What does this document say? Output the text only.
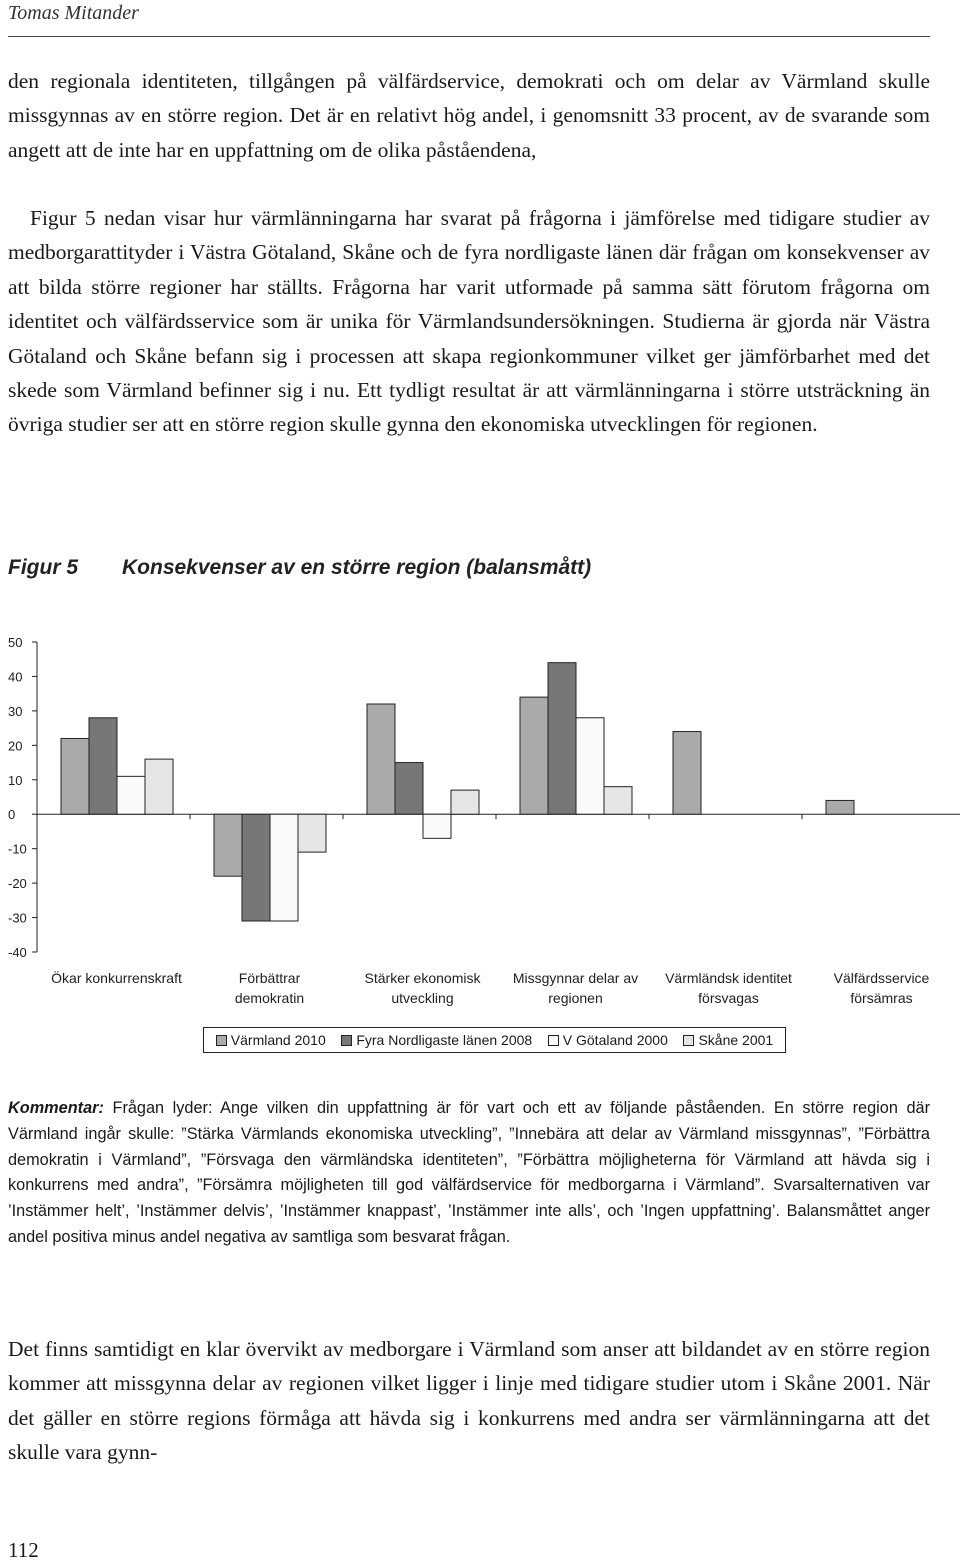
Tomas Mitander

den regionala identiteten, tillgången på välfärdservice, demokrati och om delar av Värmland skulle missgynnas av en större region. Det är en relativt hög andel, i genomsnitt 33 procent, av de svarande som angett att de inte har en uppfattning om de olika påståendena,

Figur 5 nedan visar hur värmlänningarna har svarat på frågorna i jämförelse med tidigare studier av medborgarattityder i Västra Götaland, Skåne och de fyra nordligaste länen där frågan om konsekvenser av att bilda större regioner har ställts. Frågorna har varit utformade på samma sätt förutom frågorna om identitet och välfärdsservice som är unika för Värmlandsundersökningen. Studierna är gjorda när Västra Götaland och Skåne befann sig i processen att skapa regionkommuner vilket ger jämförbarhet med det skede som Värmland befinner sig i nu. Ett tydligt resultat är att värmlänningarna i större utsträckning än övriga studier ser att en större region skulle gynna den ekonomiska utvecklingen för regionen.

Figur 5 Konsekvenser av en större region (balansmått)
50
40
30
20
10
0
-10
-20
-30
-40
Ökar konkurrenskraft	Förbättrar
demokratin
Stärker ekonomisk
utveckling
Missgynnar delar av
regionen
Värmländsk identitet
försvagas
Välfärdsservice
försämras
Värmland 2010 Fyra Nordligaste länen 2008 V Götaland 2000 Skåne 2001

Kommentar: Frågan lyder: Ange vilken din uppfattning är för vart och ett av följande påståenden. En större region där Värmland ingår skulle: ”Stärka Värmlands ekonomiska utveckling”, ”Innebära att delar av Värmland missgynnas”, ”Förbättra demokratin i Värmland”, ”Försvaga den värmländska identiteten”, ”Förbättra möjligheterna för Värmland att hävda sig i konkurrens med andra”, ”Försämra möjligheten till god välfärdservice för medborgarna i Värmland”. Svarsalternativen var ’Instämmer helt’, ’Instämmer delvis’, ’Instämmer knappast’, ’Instämmer inte alls’, och ’Ingen uppfattning’. Balansmåttet anger andel positiva minus andel negativa av samtliga som besvarat frågan.

Det finns samtidigt en klar övervikt av medborgare i Värmland som anser att bildandet av en större region kommer att missgynna delar av regionen vilket ligger i linje med tidigare studier utom i Skåne 2001. När det gäller en större regions förmåga att hävda sig i konkurrens med andra ser värmlänningarna att det skulle vara gynn-

112
